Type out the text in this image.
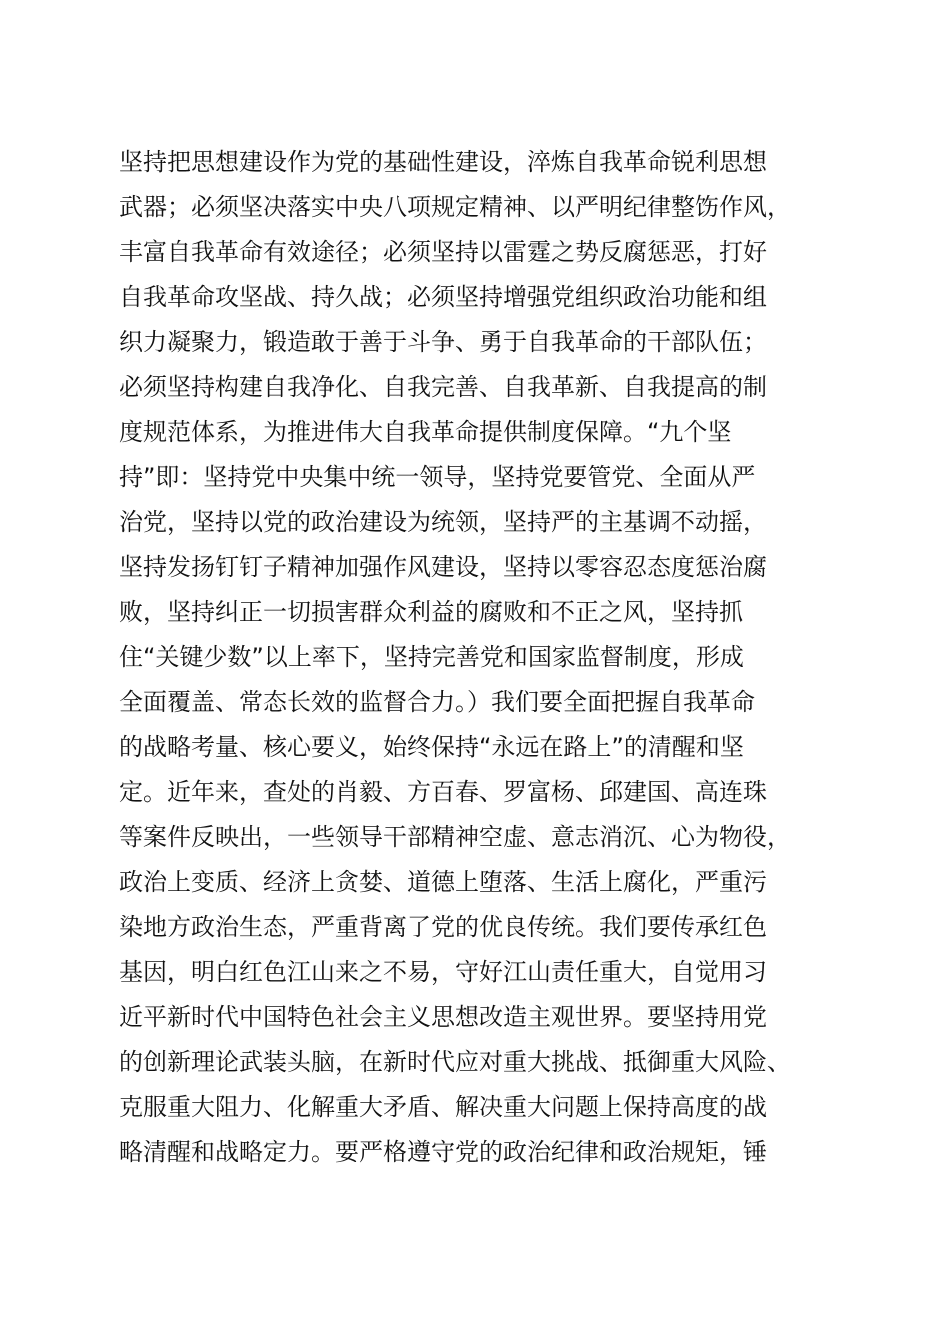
坚持把思想建设作为党的基础性建设，淬炼自我革命锐利思想
武器；必须坚决落实中央八项规定精神、以严明纪律整饬作风，
丰富自我革命有效途径；必须坚持以雷霆之势反腐惩恶，打好
自我革命攻坚战、持久战；必须坚持增强党组织政治功能和组
织力凝聚力，锻造敢于善于斗争、勇于自我革命的干部队伍；
必须坚持构建自我净化、自我完善、自我革新、自我提高的制
度规范体系，为推进伟大自我革命提供制度保障。“九个坚
持”即：坚持党中央集中统一领导，坚持党要管党、全面从严
治党，坚持以党的政治建设为统领，坚持严的主基调不动摇，
坚持发扬钉钉子精神加强作风建设，坚持以零容忍态度惩治腐
败，坚持纠正一切损害群众利益的腐败和不正之风，坚持抓
住“关键少数”以上率下，坚持完善党和国家监督制度，形成
全面覆盖、常态长效的监督合力。）我们要全面把握自我革命
的战略考量、核心要义，始终保持“永远在路上”的清醒和坚
定。近年来，查处的肖毅、方百春、罗富杨、邱建国、高连珠
等案件反映出，一些领导干部精神空虚、意志消沉、心为物役，
政治上变质、经济上贪婪、道德上堕落、生活上腐化，严重污
染地方政治生态，严重背离了党的优良传统。我们要传承红色
基因，明白红色江山来之不易，守好江山责任重大，自觉用习
近平新时代中国特色社会主义思想改造主观世界。要坚持用党
的创新理论武装头脑，在新时代应对重大挑战、抵御重大风险、
克服重大阻力、化解重大矛盾、解决重大问题上保持高度的战
略清醒和战略定力。要严格遵守党的政治纪律和政治规矩，锤
